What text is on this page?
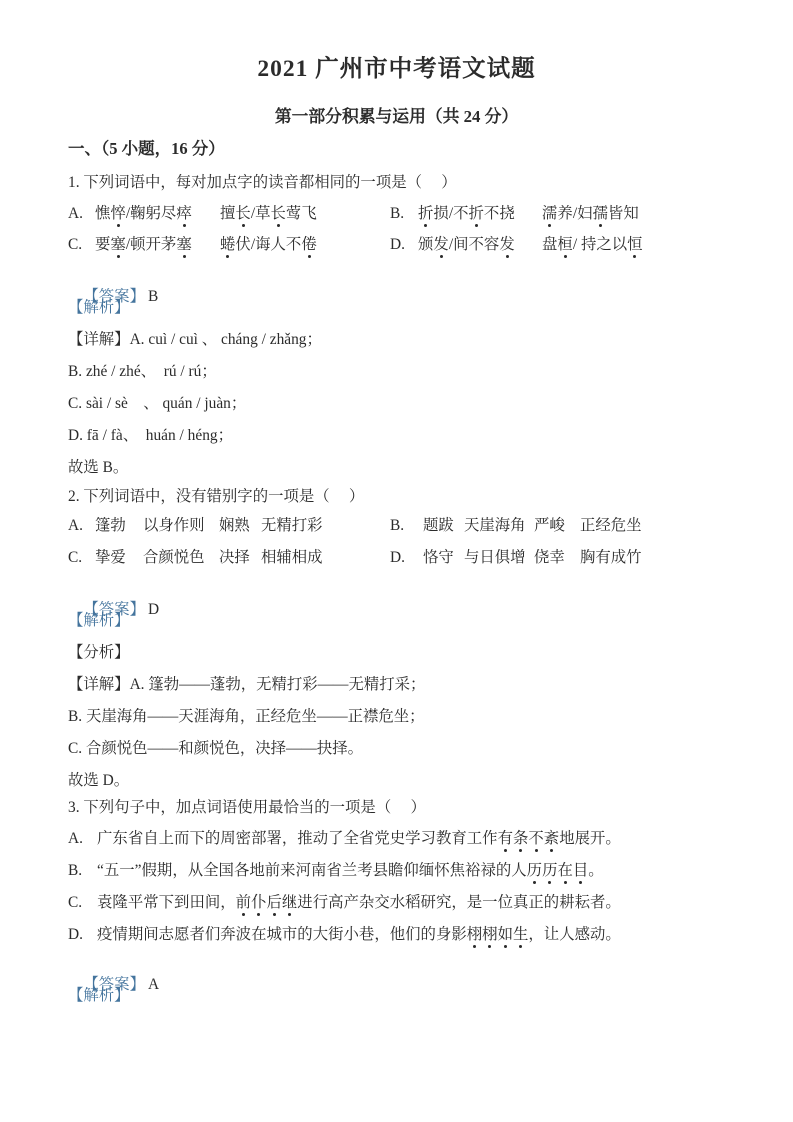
2021 广州市中考语文试题
第一部分积累与运用（共 24 分）
一、（5 小题，16 分）
1. 下列词语中，每对加点字的读音都相同的一项是（　 ）

A.

憔悴/鞠躬尽瘁

擅长/草长莺飞

	B.

折损/不折不挠

濡养/妇孺皆知

C.

要塞/顿开茅塞

蜷伏/诲人不倦

	D.

颁发/间不容发

盘桓/ 持之以恒

【答案】 B

【解析】
【详解】A. cuì / cuì 、 cháng / zhǎng；
B. zhé / zhé、  rú / rú；
C. sài / sè　、 quán / juàn；
D. fā / fà、  huán / héng；
故选 B。
2. 下列词语中，没有错别字的一项是（　 ）

A.

篷勃

以身作则

娴熟

无精打彩

	B.

题跋

天崖海角

严峻

正经危坐

C.

挚爱

合颜悦色

决择

相辅相成

	D.

恪守

与日俱增

侥幸

胸有成竹

【答案】 D

【解析】
【分析】
【详解】A. 篷勃——蓬勃，无精打彩——无精打采；
B. 天崖海角——天涯海角，正经危坐——正襟危坐；
C. 合颜悦色——和颜悦色，决择——抉择。
故选 D。
3. 下列句子中，加点词语使用最恰当的一项是（　 ）

A.

广东省自上而下的周密部署，推动了全省党史学习教育工作有条不紊地展开。

B.

“五一”假期，从全国各地前来河南省兰考县瞻仰缅怀焦裕禄的人历历在目。

C.

袁隆平常下到田间，前仆后继进行高产杂交水稻研究，是一位真正的耕耘者。

D.

疫情期间志愿者们奔波在城市的大街小巷，他们的身影栩栩如生，让人感动。

【答案】 A

【解析】
